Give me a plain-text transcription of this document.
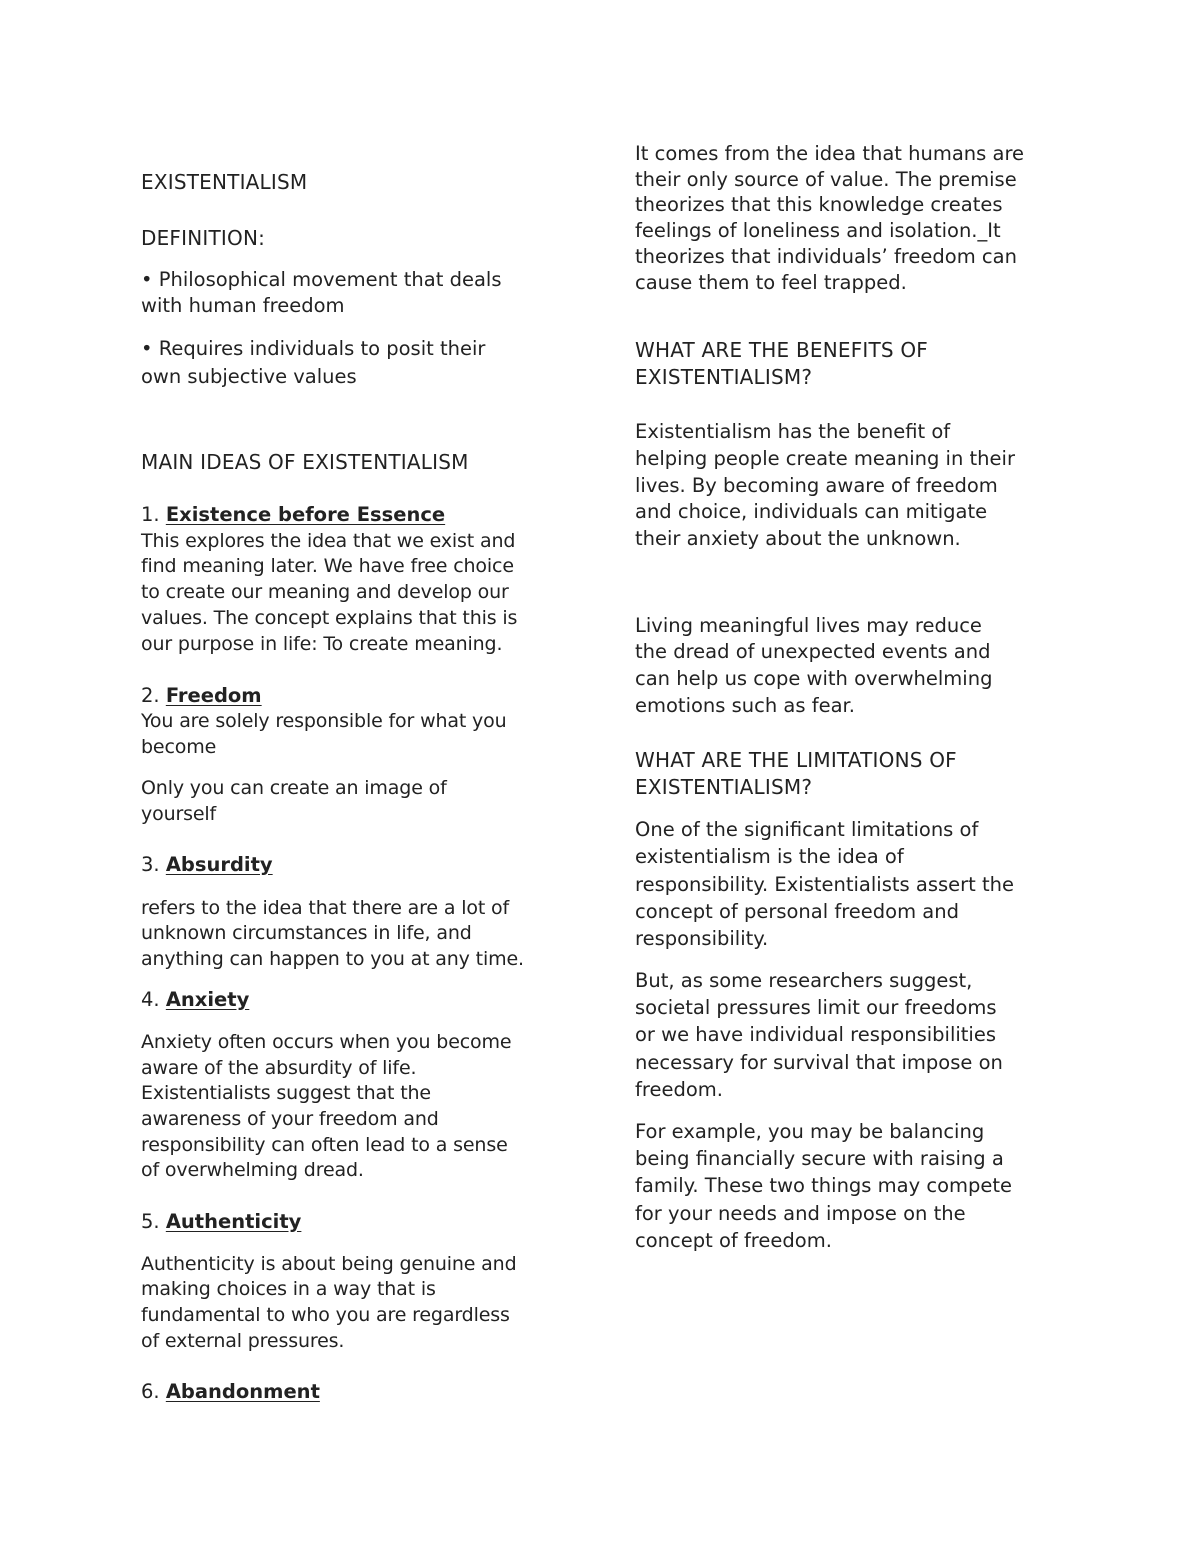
EXISTENTIALISM

DEFINITION:

• Philosophical movement that deals

with human freedom

• Requires individuals to posit their

own subjective values

MAIN IDEAS OF EXISTENTIALISM

1. Existence before Essence

This explores the idea that we exist and

find meaning later. We have free choice

to create our meaning and develop our

values. The concept explains that this is

our purpose in life: To create meaning.

2. Freedom

You are solely responsible for what you

become

Only you can create an image of

yourself

3. Absurdity

refers to the idea that there are a lot of

unknown circumstances in life, and

anything can happen to you at any time.

4. Anxiety

Anxiety often occurs when you become

aware of the absurdity of life.

Existentialists suggest that the

awareness of your freedom and

responsibility can often lead to a sense

of overwhelming dread.

5. Authenticity

Authenticity is about being genuine and

making choices in a way that is

fundamental to who you are regardless

of external pressures.

6. Abandonment

It comes from the idea that humans are

their only source of value. The premise

theorizes that this knowledge creates

feelings of loneliness and isolation._It

theorizes that individuals’ freedom can

cause them to feel trapped.

WHAT ARE THE BENEFITS OF

EXISTENTIALISM?

Existentialism has the benefit of

helping people create meaning in their

lives. By becoming aware of freedom

and choice, individuals can mitigate

their anxiety about the unknown.

Living meaningful lives may reduce

the dread of unexpected events and

can help us cope with overwhelming

emotions such as fear.

WHAT ARE THE LIMITATIONS OF

EXISTENTIALISM?

One of the significant limitations of

existentialism is the idea of

responsibility. Existentialists assert the

concept of personal freedom and

responsibility.

But, as some researchers suggest,

societal pressures limit our freedoms

or we have individual responsibilities

necessary for survival that impose on

freedom.

For example, you may be balancing

being financially secure with raising a

family. These two things may compete

for your needs and impose on the

concept of freedom.
